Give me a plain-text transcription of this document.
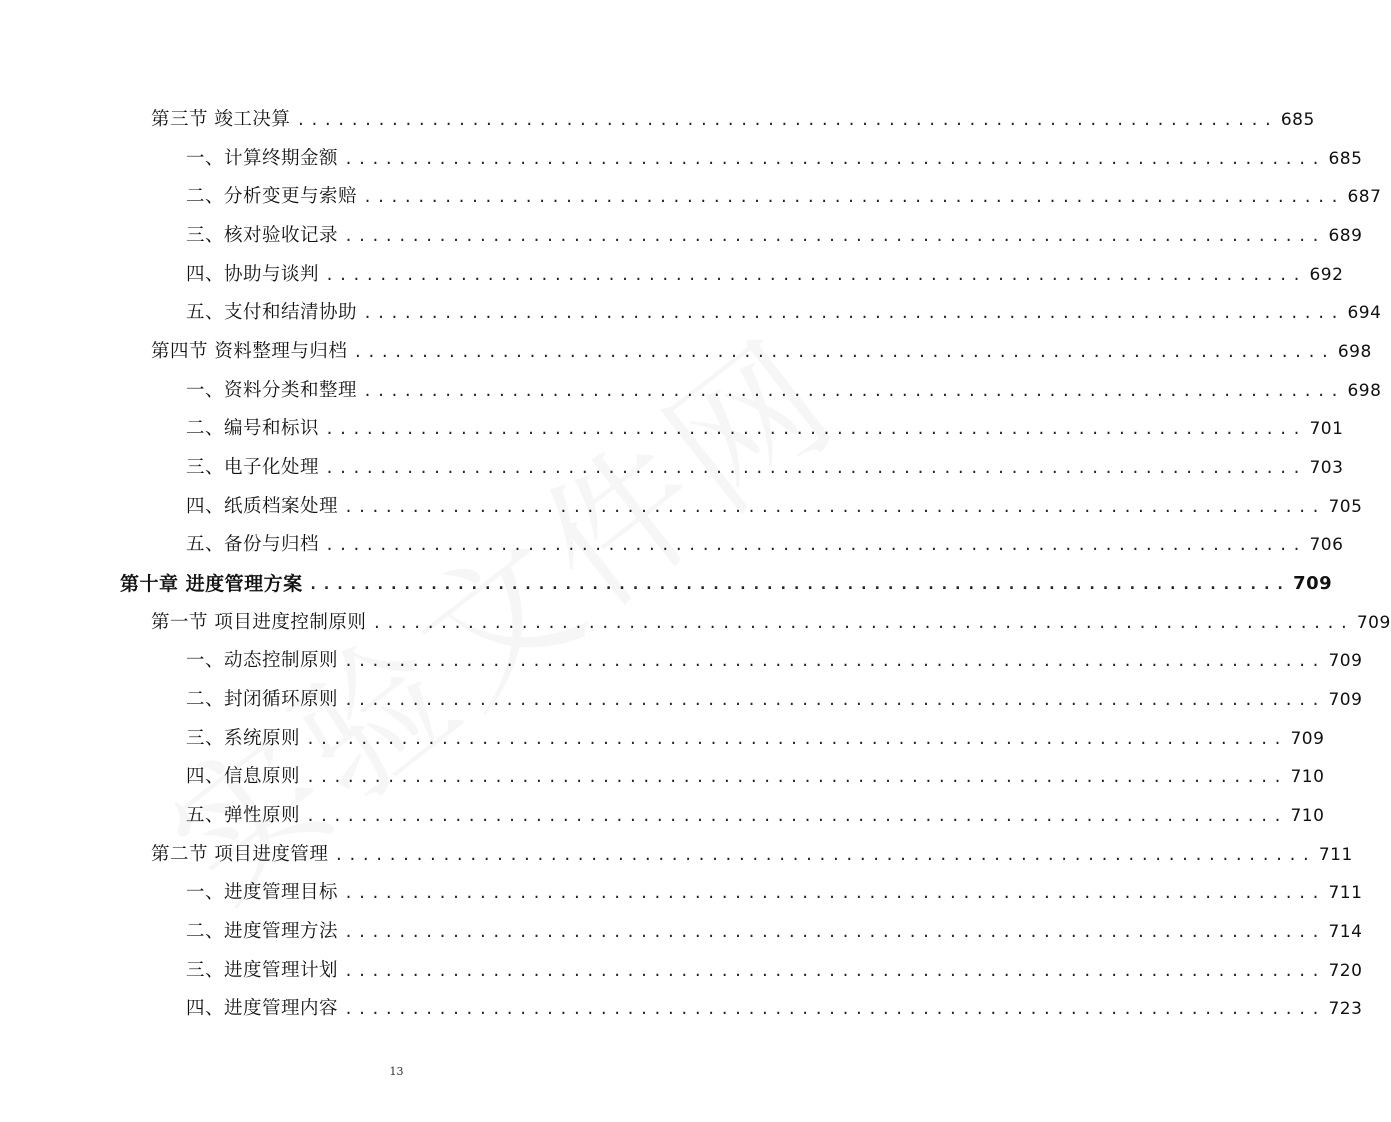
第三节 竣工决算 ......................................................................... 685
一、计算终期金额 ......................................................................... 685
二、分析变更与索赔 ......................................................................... 687
三、核对验收记录 ......................................................................... 689
四、协助与谈判 ......................................................................... 692
五、支付和结清协助 ......................................................................... 694
第四节 资料整理与归档 ......................................................................... 698
一、资料分类和整理 ......................................................................... 698
二、编号和标识 ......................................................................... 701
三、电子化处理 ......................................................................... 703
四、纸质档案处理 ......................................................................... 705
五、备份与归档 ......................................................................... 706
第十章 进度管理方案 ......................................................................... 709
第一节 项目进度控制原则 ......................................................................... 709
一、动态控制原则 ......................................................................... 709
二、封闭循环原则 ......................................................................... 709
三、系统原则 ......................................................................... 709
四、信息原则 ......................................................................... 710
五、弹性原则 ......................................................................... 710
第二节 项目进度管理 ......................................................................... 711
一、进度管理目标 ......................................................................... 711
二、进度管理方法 ......................................................................... 714
三、进度管理计划 ......................................................................... 720
四、进度管理内容 ......................................................................... 723
13
